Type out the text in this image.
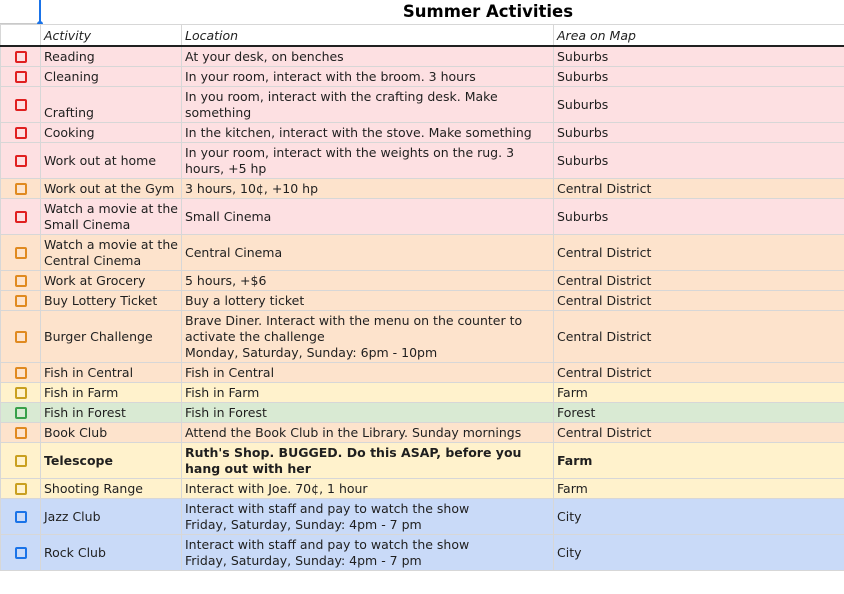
Summer Activities
	Activity	Location	Area on Map
	Reading	At your desk, on benches	Suburbs
	Cleaning	In your room, interact with the broom. 3 hours	Suburbs
	Crafting	In you room, interact with the crafting desk. Make something	Suburbs
	Cooking	In the kitchen, interact with the stove. Make something	Suburbs
	Work out at home	In your room, interact with the weights on the rug. 3 hours, +5 hp	Suburbs
	Work out at the Gym	3 hours, 10¢, +10 hp	Central District
	Watch a movie at the Small Cinema	Small Cinema	Suburbs
	Watch a movie at the Central Cinema	Central Cinema	Central District
	Work at Grocery	5 hours, +$6	Central District
	Buy Lottery Ticket	Buy a lottery ticket	Central District
	Burger Challenge	Brave Diner. Interact with the menu on the counter to activate the challenge
Monday, Saturday, Sunday: 6pm - 10pm	Central District
	Fish in Central	Fish in Central	Central District
	Fish in Farm	Fish in Farm	Farm
	Fish in Forest	Fish in Forest	Forest
	Book Club	Attend the Book Club in the Library. Sunday mornings	Central District
	Telescope	Ruth's Shop. BUGGED. Do this ASAP, before you hang out with her	Farm
	Shooting Range	Interact with Joe. 70¢, 1 hour	Farm
	Jazz Club	Interact with staff and pay to watch the show
Friday, Saturday, Sunday: 4pm - 7 pm	City
	Rock Club	Interact with staff and pay to watch the show
Friday, Saturday, Sunday: 4pm - 7 pm	City
